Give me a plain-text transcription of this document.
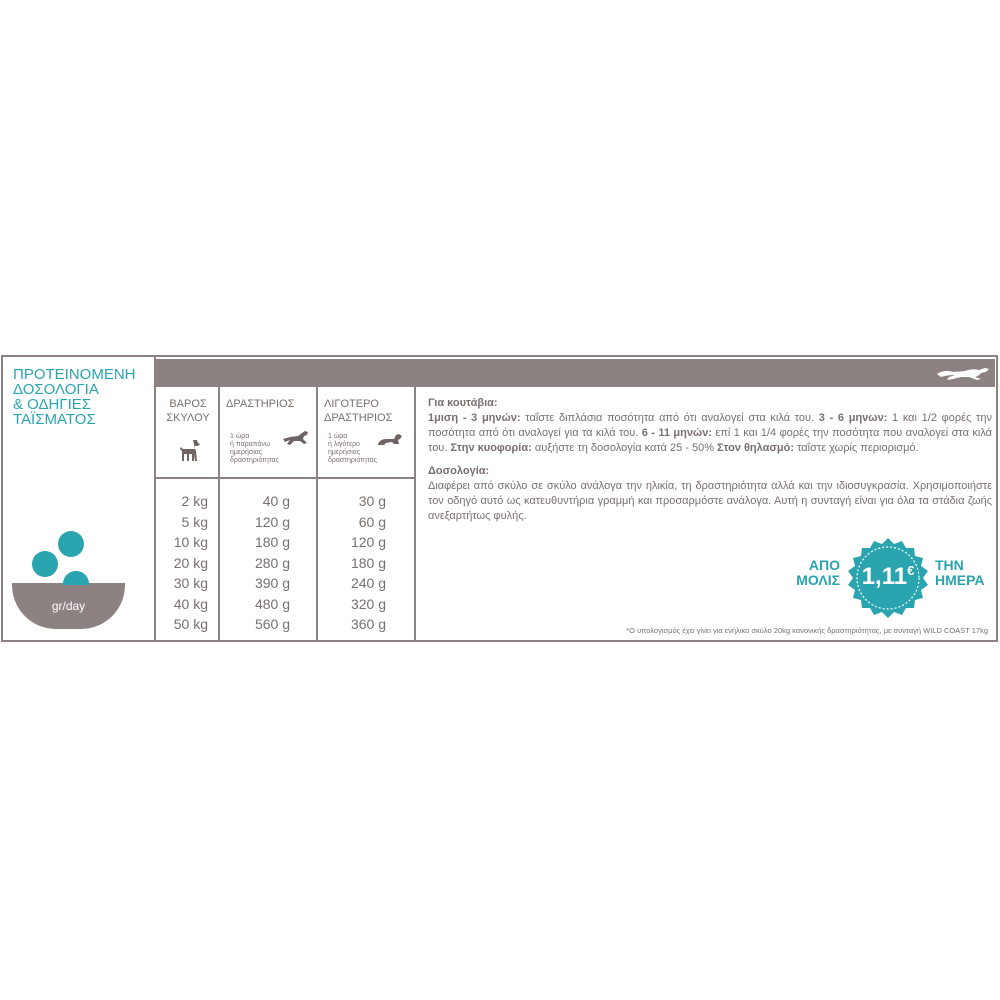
ΠΡΟΤΕΙΝΟΜΕΝΗ
ΔΟΣΟΛΟΓΙΑ
& ΟΔΗΓΙΕΣ
ΤΑΪΣΜΑΤΟΣ
gr/day
ΒΑΡΟΣ
ΣΚΥΛΟΥ
2 kg
5 kg
10 kg
20 kg
30 kg
40 kg
50 kg
ΔΡΑΣΤΗΡΙΟΣ
1 ώρα
ή παραπάνω
ημερήσιας
δραστηριότητας
40 g
120 g
180 g
280 g
390 g
480 g
560 g
ΛΙΓΟΤΕΡΟ
ΔΡΑΣΤΗΡΙΟΣ
1 ώρα
ή λιγότερο
ημερήσιας
δραστηριότητας
30 g
60 g
120 g
180 g
240 g
320 g
360 g

Για κουτάβια:

1μιση - 3 μηνών: ταΐστε διπλάσια ποσότητα από ότι αναλογεί στα κιλά του. 3 - 6 μηνων: 1 και 1/2 φορές την ποσότητα από ότι αναλογεί για τα κιλά του. 6 - 11 μηνών: επί 1 και 1/4 φορές την ποσότητα που αναλογεί στα κιλά του. Στην κυοφορία: αυξήστε τη δοσολογία κατά 25 - 50% Στον θηλασμό: ταΐστε χωρίς περιορισμό.

Δοσολογία:

Διαφέρει από σκύλο σε σκύλο ανάλογα την ηλικία, τη δραστηριότητα αλλά και την ιδιοσυγκρασία. Χρησιμοποιήστε τον οδηγό αυτό ως κατευθυντήρια γραμμή και προσαρμόστε ανάλογα. Αυτή η συνταγή είναι για όλα τα στάδια ζωής ανεξαρτήτως φυλής.

ΑΠΟ
ΜΟΛΙΣ 1,11€	ΤΗΝ
ΗΜΕΡΑ
*Ο υπολογισμός έχει γίνει για ενήλικο σκύλο 20kg κανονικής δραστηριότητας, με συνταγή WILD COAST 17kg
